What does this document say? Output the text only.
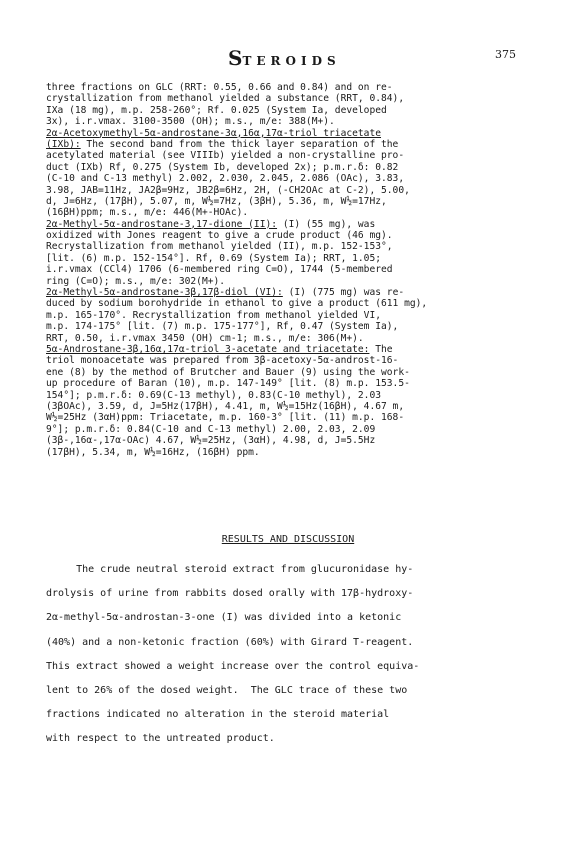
STEROIDS	375
three fractions on GLC (RRT: 0.55, 0.66 and 0.84) and on re-
crystallization from methanol yielded a substance (RRT, 0.84),
IXa (18 mg), m.p. 258-260°; Rf. 0.025 (System Ia, developed
3x), i.r.vmax. 3100-3500 (OH); m.s., m/e: 388(M+).
2α-Acetoxymethyl-5α-androstane-3α,16α,17α-triol triacetate
(IXb): The second band from the thick layer separation of the
acetylated material (see VIIIb) yielded a non-crystalline pro-
duct (IXb) Rf, 0.275 (System Ib, developed 2x); p.m.r.δ: 0.82
(C-10 and C-13 methyl) 2.002, 2.030, 2.045, 2.086 (OAc), 3.83,
3.98, JAB=11Hz, JA2β=9Hz, JB2β=6Hz, 2H, (-CH2OAc at C-2), 5.00,
d, J=6Hz, (17βH), 5.07, m, W½=7Hz, (3βH), 5.36, m, W½=17Hz,
(16βH)ppm; m.s., m/e: 446(M+-HOAc).
2α-Methyl-5α-androstane-3,17-dione (II): (I) (55 mg), was
oxidized with Jones reagent to give a crude product (46 mg).
Recrystallization from methanol yielded (II), m.p. 152-153°,
[lit. (6) m.p. 152-154°]. Rf, 0.69 (System Ia); RRT, 1.05;
i.r.vmax (CCl4) 1706 (6-membered ring C=O), 1744 (5-membered
ring (C=O); m.s., m/e: 302(M+).
2α-Methyl-5α-androstane-3β,17β-diol (VI): (I) (775 mg) was re-
duced by sodium borohydride in ethanol to give a product (611 mg),
m.p. 165-170°. Recrystallization from methanol yielded VI,
m.p. 174-175° [lit. (7) m.p. 175-177°], Rf, 0.47 (System Ia),
RRT, 0.50, i.r.vmax 3450 (OH) cm-1; m.s., m/e: 306(M+).
5α-Androstane-3β,16α,17α-triol 3-acetate and triacetate: The
triol monoacetate was prepared from 3β-acetoxy-5α-androst-16-
ene (8) by the method of Brutcher and Bauer (9) using the work-
up procedure of Baran (10), m.p. 147-149° [lit. (8) m.p. 153.5-
154°]; p.m.r.δ: 0.69(C-13 methyl), 0.83(C-10 methyl), 2.03
(3βOAc), 3.59, d, J=5Hz(17βH), 4.41, m, W½=15Hz(16βH), 4.67 m,
W½=25Hz (3αH)ppm: Triacetate, m.p. 160-3° [lit. (11) m.p. 168-
9°]; p.m.r.δ: 0.84(C-10 and C-13 methyl) 2.00, 2.03, 2.09
(3β-,16α-,17α-OAc) 4.67, W½=25Hz, (3αH), 4.98, d, J=5.5Hz
(17βH), 5.34, m, W½=16Hz, (16βH) ppm.
RESULTS AND DISCUSSION
The crude neutral steroid extract from glucuronidase hy-
drolysis of urine from rabbits dosed orally with 17β-hydroxy-
2α-methyl-5α-androstan-3-one (I) was divided into a ketonic
(40%) and a non-ketonic fraction (60%) with Girard T-reagent.
This extract showed a weight increase over the control equiva-
lent to 26% of the dosed weight.  The GLC trace of these two
fractions indicated no alteration in the steroid material
with respect to the untreated product.
